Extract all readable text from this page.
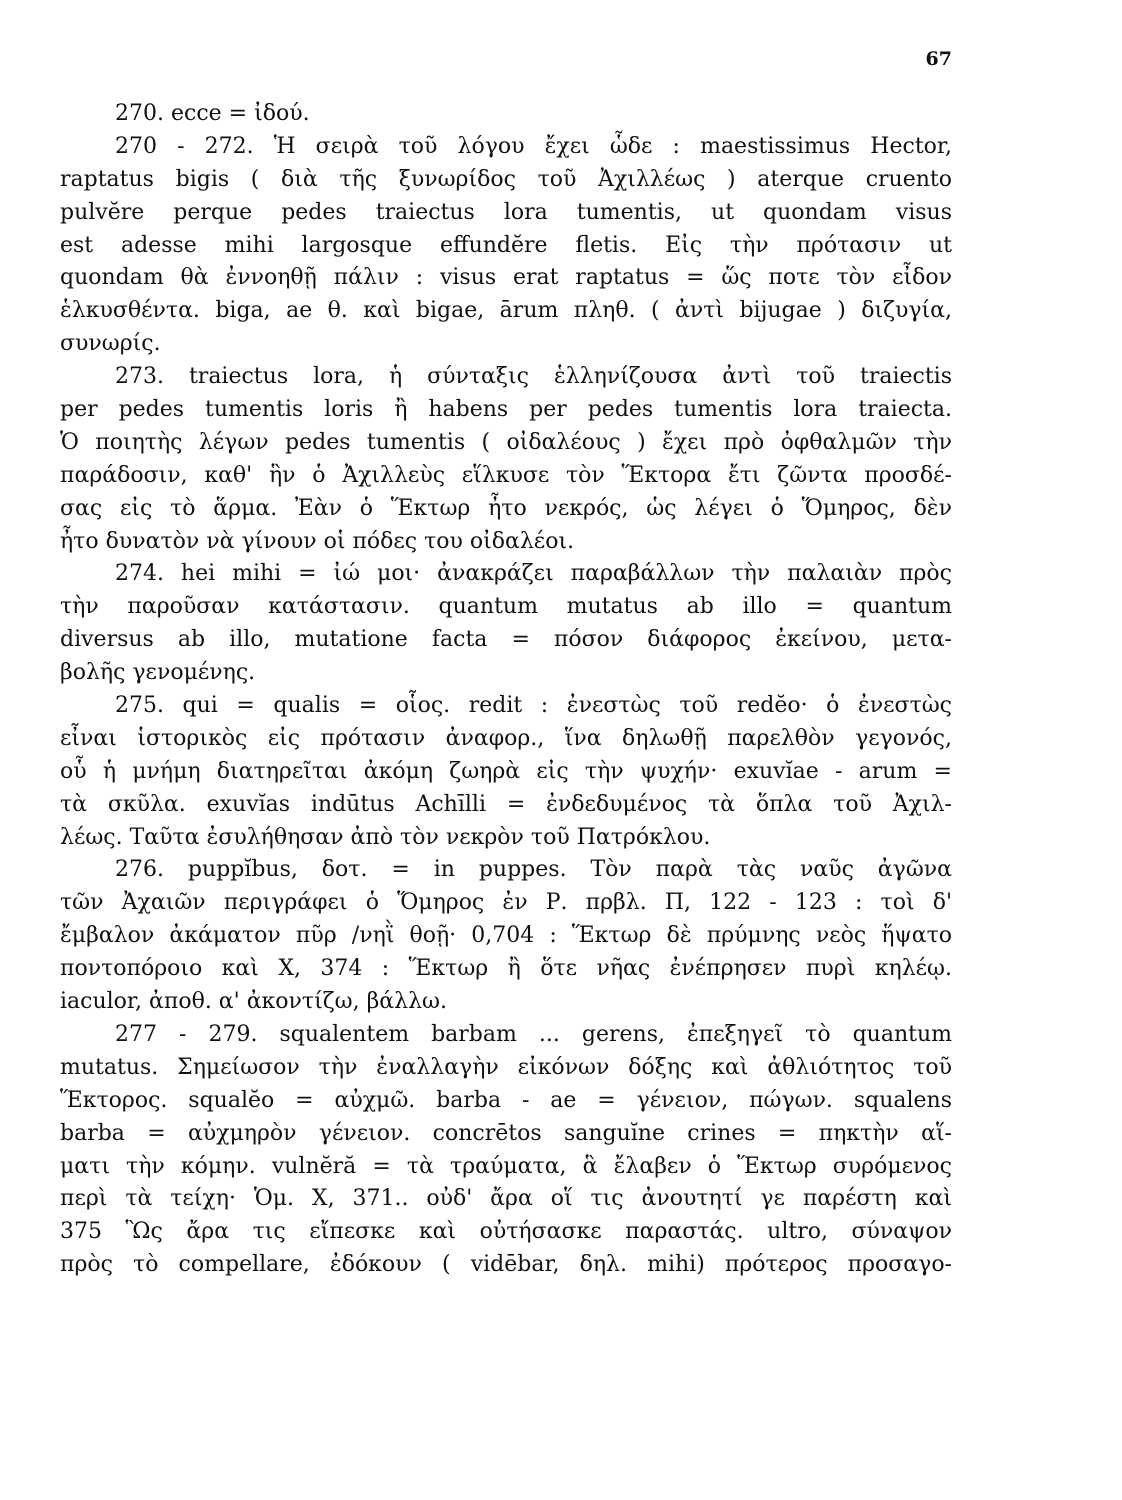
67
270. ecce = ἰδού.
270 - 272. Ἡ σειρὰ τοῦ λόγου ἔχει ὧδε : maestissimus Hector,
raptatus bigis ( διὰ τῆς ξυνωρίδος τοῦ Ἀχιλλέως ) aterque cruento
pulvĕre perque pedes traiectus lora tumentis, ut quondam visus
est adesse mihi largosque effundĕre fletis. Εἰς τὴν πρότασιν ut
quondam θὰ ἐννοηθῇ πάλιν : visus erat raptatus = ὥς ποτε τὸν εἶδον
ἑλκυσθέντα. biga, ae θ. καὶ bigae, ārum πληθ. ( ἀντὶ bijugae ) διζυγία,
συνωρίς.
273. traiectus lora, ἡ σύνταξις ἑλληνίζουσα ἀντὶ τοῦ traiectis
per pedes tumentis loris ἢ habens per pedes tumentis lora traiecta.
Ὁ ποιητὴς λέγων pedes tumentis ( οἰδαλέους ) ἔχει πρὸ ὀφθαλμῶν τὴν
παράδοσιν, καθ' ἣν ὁ Ἀχιλλεὺς εἵλκυσε τὸν Ἕκτορα ἔτι ζῶντα προσδέ-
σας εἰς τὸ ἅρμα. Ἐὰν ὁ Ἕκτωρ ἦτο νεκρός, ὡς λέγει ὁ Ὅμηρος, δὲν
ἦτο δυνατὸν νὰ γίνουν οἱ πόδες του οἰδαλέοι.
274. hei mihi = ἰώ μοι· ἀνακράζει παραβάλλων τὴν παλαιὰν πρὸς
τὴν παροῦσαν κατάστασιν. quantum mutatus ab illo = quantum
diversus ab illo, mutatione facta = πόσον διάφορος ἐκείνου, μετα-
βολῆς γενομένης.
275. qui = qualis = οἷος. redit : ἐνεστὼς τοῦ redĕo· ὁ ἐνεστὼς
εἶναι ἱστορικὸς εἰς πρότασιν ἀναφορ., ἵνα δηλωθῇ παρελθὸν γεγονός,
οὗ ἡ μνήμη διατηρεῖται ἀκόμη ζωηρὰ εἰς τὴν ψυχήν· exuvĭae - arum =
τὰ σκῦλα. exuvĭas indūtus Achīlli = ἐνδεδυμένος τὰ ὅπλα τοῦ Ἀχιλ-
λέως. Ταῦτα ἐσυλήθησαν ἀπὸ τὸν νεκρὸν τοῦ Πατρόκλου.
276. puppĭbus, δοτ. = in puppes. Τὸν παρὰ τὰς ναῦς ἀγῶνα
τῶν Ἀχαιῶν περιγράφει ὁ Ὅμηρος ἐν Ρ. πρβλ. Π, 122 - 123 : τοὶ δ'
ἔμβαλον ἀκάματον πῦρ /νηῒ θοῇ· 0,704 : Ἕκτωρ δὲ πρύμνης νεὸς ἥψατο
ποντοπόροιο καὶ Χ, 374 : Ἕκτωρ ἢ ὅτε νῆας ἐνέπρησεν πυρὶ κηλέῳ.
iaculor, ἀποθ. α' ἀκοντίζω, βάλλω.
277 - 279. squalentem barbam ... gerens, ἐπεξηγεῖ τὸ quantum
mutatus. Σημείωσον τὴν ἐναλλαγὴν εἰκόνων δόξης καὶ ἀθλιότητος τοῦ
Ἕκτορος. squalĕo = αὐχμῶ. barba - ae = γένειον, πώγων. squalens
barba = αὐχμηρὸν γένειον. concrētos sanguĭne crines = πηκτὴν αἵ-
ματι τὴν κόμην. vulnĕră = τὰ τραύματα, ἃ ἔλαβεν ὁ Ἕκτωρ συρόμενος
περὶ τὰ τείχη· Ὁμ. Χ, 371.. οὐδ' ἄρα οἵ τις ἀνουτητί γε παρέστη καὶ
375 Ὣς ἄρα τις εἴπεσκε καὶ οὐτήσασκε παραστάς. ultro, σύναψον
πρὸς τὸ compellare, ἐδόκουν ( vidēbar, δηλ. mihi) πρότερος προσαγο-
